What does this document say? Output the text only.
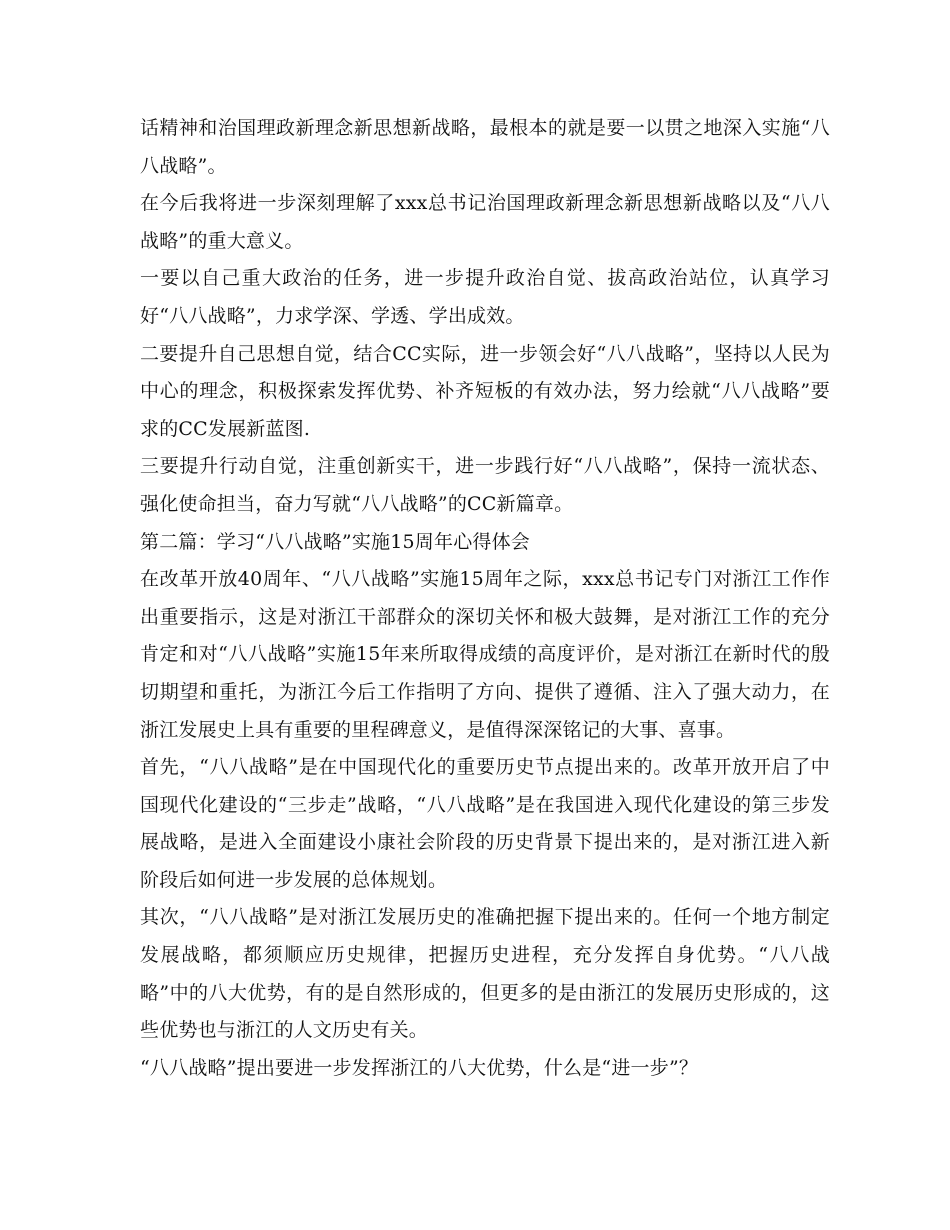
话精神和治国理政新理念新思想新战略，最根本的就是要一以贯之地深入实施“八八战略”。

在今后我将进一步深刻理解了xxx总书记治国理政新理念新思想新战略以及“八八战略”的重大意义。

一要以自己重大政治的任务，进一步提升政治自觉、拔高政治站位，认真学习好“八八战略”，力求学深、学透、学出成效。

二要提升自己思想自觉，结合CC实际，进一步领会好“八八战略”，坚持以人民为中心的理念，积极探索发挥优势、补齐短板的有效办法，努力绘就“八八战略”要求的CC发展新蓝图.

三要提升行动自觉，注重创新实干，进一步践行好“八八战略”，保持一流状态、强化使命担当，奋力写就“八八战略”的CC新篇章。

第二篇：学习“八八战略”实施15周年心得体会

在改革开放40周年、“八八战略”实施15周年之际，xxx总书记专门对浙江工作作出重要指示，这是对浙江干部群众的深切关怀和极大鼓舞，是对浙江工作的充分肯定和对“八八战略”实施15年来所取得成绩的高度评价，是对浙江在新时代的殷切期望和重托，为浙江今后工作指明了方向、提供了遵循、注入了强大动力，在浙江发展史上具有重要的里程碑意义，是值得深深铭记的大事、喜事。

首先，“八八战略”是在中国现代化的重要历史节点提出来的。改革开放开启了中国现代化建设的“三步走”战略，“八八战略”是在我国进入现代化建设的第三步发展战略，是进入全面建设小康社会阶段的历史背景下提出来的，是对浙江进入新阶段后如何进一步发展的总体规划。

其次，“八八战略”是对浙江发展历史的准确把握下提出来的。任何一个地方制定发展战略，都须顺应历史规律，把握历史进程，充分发挥自身优势。“八八战略”中的八大优势，有的是自然形成的，但更多的是由浙江的发展历史形成的，这些优势也与浙江的人文历史有关。

“八八战略”提出要进一步发挥浙江的八大优势，什么是“进一步”？
